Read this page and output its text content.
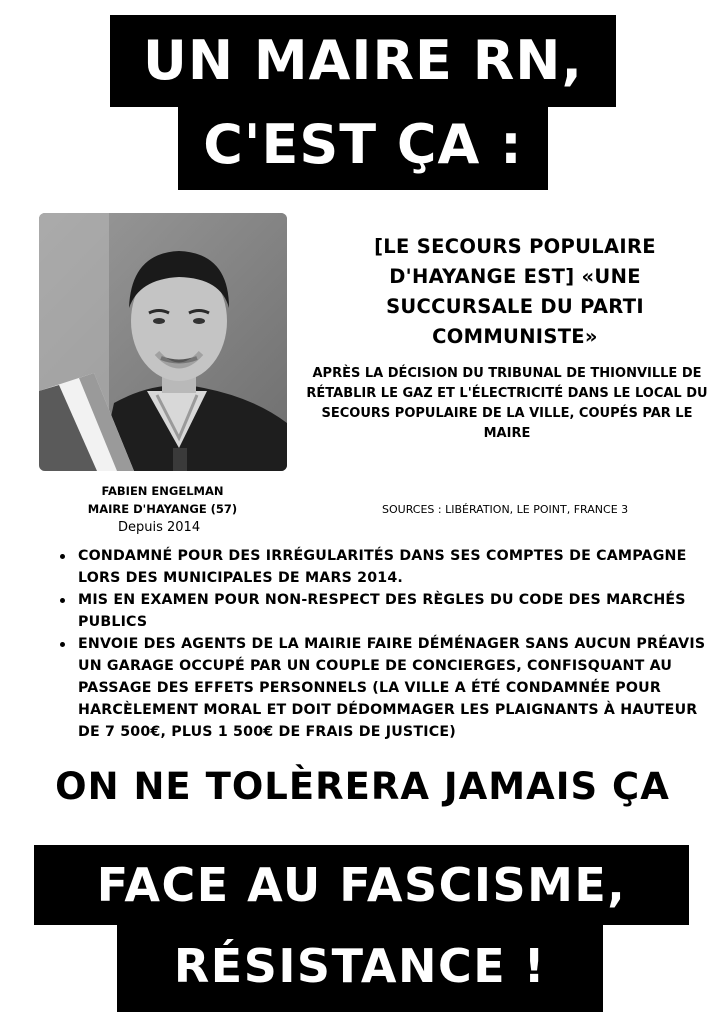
UN MAIRE RN,
C'EST ÇA :
FABIEN ENGELMAN
MAIRE D'HAYANGE (57)
Depuis 2014
[LE SECOURS POPULAIRE D'HAYANGE EST] «UNE SUCCURSALE DU PARTI COMMUNISTE»
APRÈS LA DÉCISION DU TRIBUNAL DE THIONVILLE DE RÉTABLIR LE GAZ ET L'ÉLECTRICITÉ DANS LE LOCAL DU SECOURS POPULAIRE DE LA VILLE, COUPÉS PAR LE MAIRE
SOURCES : LIBÉRATION, LE POINT, FRANCE 3
CONDAMNÉ POUR DES IRRÉGULARITÉS DANS SES COMPTES DE CAMPAGNE LORS DES MUNICIPALES DE MARS 2014.
MIS EN EXAMEN POUR NON-RESPECT DES RÈGLES DU CODE DES MARCHÉS PUBLICS
ENVOIE DES AGENTS DE LA MAIRIE FAIRE DÉMÉNAGER SANS AUCUN PRÉAVIS UN GARAGE OCCUPÉ PAR UN COUPLE DE CONCIERGES, CONFISQUANT AU PASSAGE DES EFFETS PERSONNELS (LA VILLE A ÉTÉ CONDAMNÉE POUR HARCÈLEMENT MORAL ET DOIT DÉDOMMAGER LES PLAIGNANTS À HAUTEUR DE 7 500€, PLUS 1 500€ DE FRAIS DE JUSTICE)
ON NE TOLÈRERA JAMAIS ÇA
FACE AU FASCISME,
RÉSISTANCE !
